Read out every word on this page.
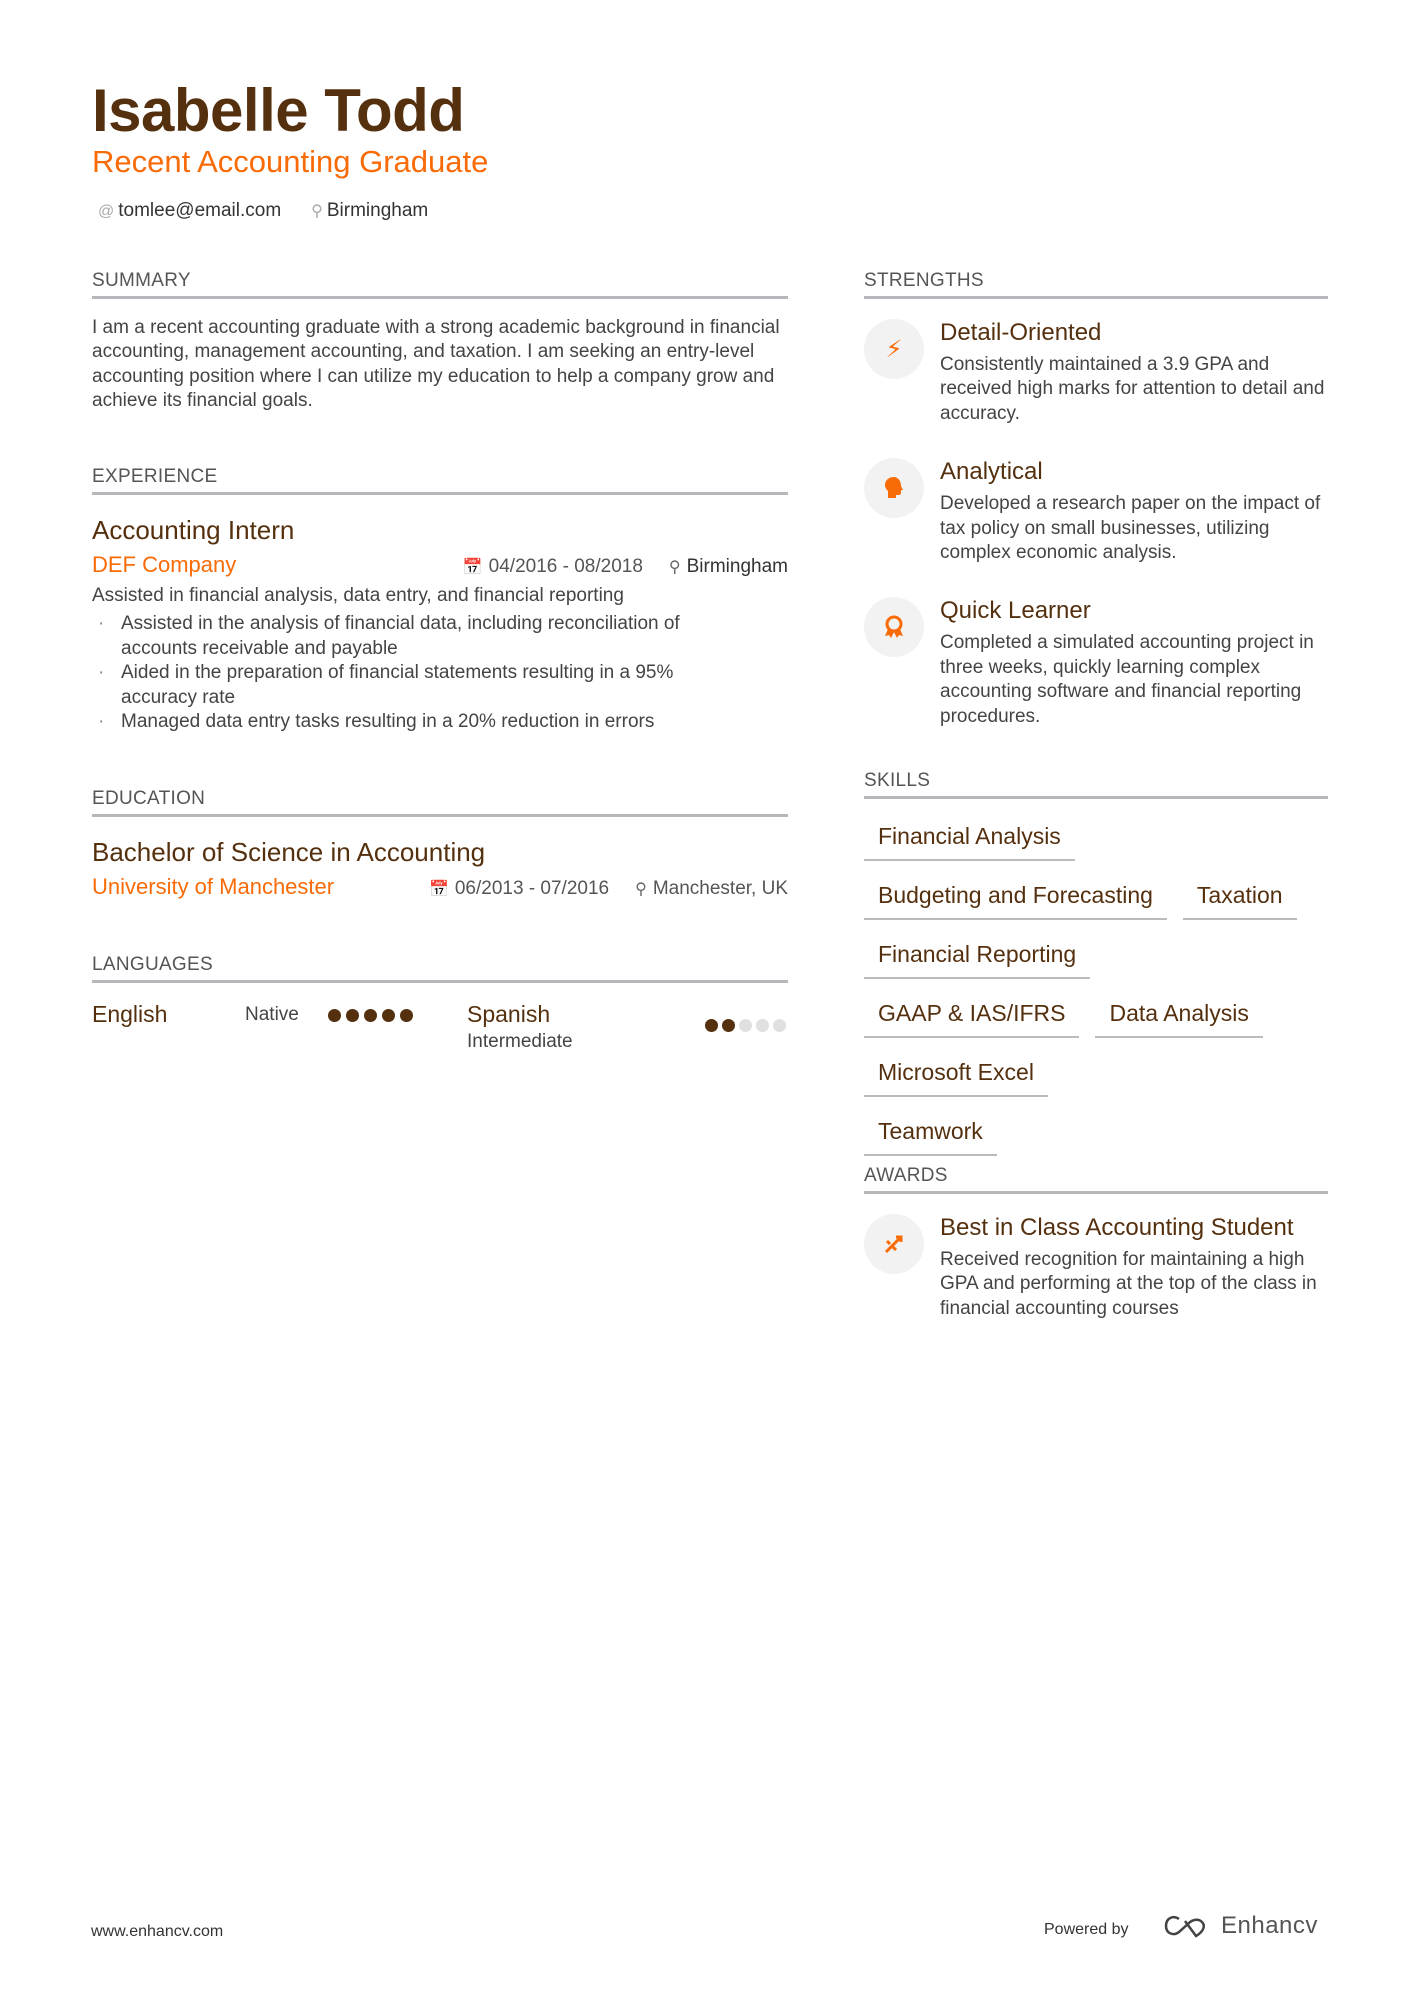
Isabelle Todd
Recent Accounting Graduate
@ tomlee@email.com ⚲ Birmingham
SUMMARY
I am a recent accounting graduate with a strong academic background in financial accounting, management accounting, and taxation. I am seeking an entry-level accounting position where I can utilize my education to help a company grow and achieve its financial goals.
EXPERIENCE
Accounting Intern
DEF Company	📅 04/2016 - 08/2018 ⚲ Birmingham
Assisted in financial analysis, data entry, and financial reporting
· Assisted in the analysis of financial data, including reconciliation of accounts receivable and payable
· Aided in the preparation of financial statements resulting in a 95% accuracy rate
· Managed data entry tasks resulting in a 20% reduction in errors
EDUCATION
Bachelor of Science in Accounting
University of Manchester	📅 06/2013 - 07/2016 ⚲ Manchester, UK
LANGUAGES
English	Native	Spanish
Intermediate
STRENGTHS
⚡︎
Detail-Oriented
Consistently maintained a 3.9 GPA and received high marks for attention to detail and accuracy.
Analytical
Developed a research paper on the impact of tax policy on small businesses, utilizing complex economic analysis.
Quick Learner
Completed a simulated accounting project in three weeks, quickly learning complex accounting software and financial reporting procedures.
SKILLS
Financial Analysis
Budgeting and Forecasting	Taxation
Financial Reporting
GAAP & IAS/IFRS	Data Analysis
Microsoft Excel
Teamwork
AWARDS
Best in Class Accounting Student
Received recognition for maintaining a high GPA and performing at the top of the class in financial accounting courses
www.enhancv.com	Powered by	Enhancv
